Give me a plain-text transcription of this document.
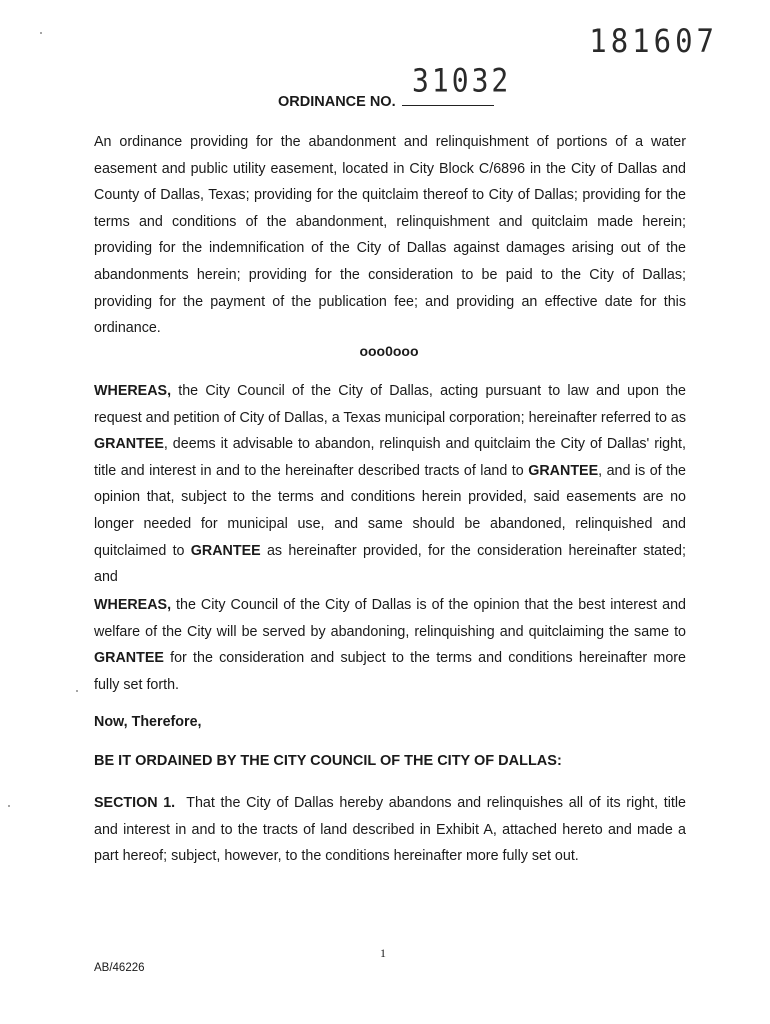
181607
31032
ORDINANCE NO.

An ordinance providing for the abandonment and relinquishment of portions of a water easement and public utility easement, located in City Block C/6896 in the City of Dallas and County of Dallas, Texas; providing for the quitclaim thereof to City of Dallas; providing for the terms and conditions of the abandonment, relinquishment and quitclaim made herein; providing for the indemnification of the City of Dallas against damages arising out of the abandonments herein; providing for the consideration to be paid to the City of Dallas; providing for the payment of the publication fee; and providing an effective date for this ordinance.

ooo0ooo

WHEREAS, the City Council of the City of Dallas, acting pursuant to law and upon the request and petition of City of Dallas, a Texas municipal corporation; hereinafter referred to as GRANTEE, deems it advisable to abandon, relinquish and quitclaim the City of Dallas' right, title and interest in and to the hereinafter described tracts of land to GRANTEE, and is of the opinion that, subject to the terms and conditions herein provided, said easements are no longer needed for municipal use, and same should be abandoned, relinquished and quitclaimed to GRANTEE as hereinafter provided, for the consideration hereinafter stated; and

WHEREAS, the City Council of the City of Dallas is of the opinion that the best interest and welfare of the City will be served by abandoning, relinquishing and quitclaiming the same to GRANTEE for the consideration and subject to the terms and conditions hereinafter more fully set forth.

Now, Therefore,
BE IT ORDAINED BY THE CITY COUNCIL OF THE CITY OF DALLAS:

SECTION 1.  That the City of Dallas hereby abandons and relinquishes all of its right, title and interest in and to the tracts of land described in Exhibit A, attached hereto and made a part hereof; subject, however, to the conditions hereinafter more fully set out.

1
AB/46226
